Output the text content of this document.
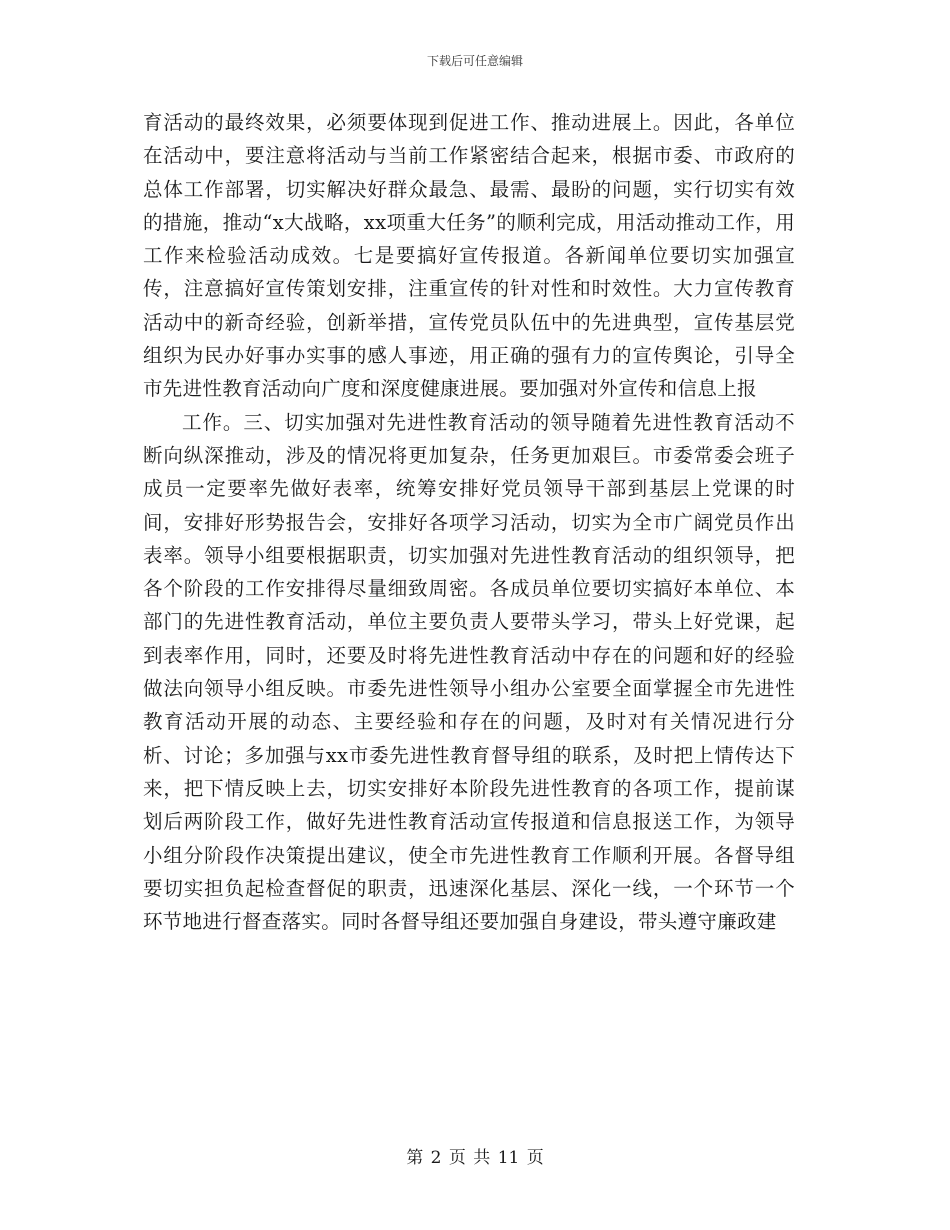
下载后可任意编辑

育活动的最终效果，必须要体现到促进工作、推动进展上。因此，各单位在活动中，要注意将活动与当前工作紧密结合起来，根据市委、市政府的总体工作部署，切实解决好群众最急、最需、最盼的问题，实行切实有效的措施，推动“x大战略，xx项重大任务”的顺利完成，用活动推动工作，用工作来检验活动成效。七是要搞好宣传报道。各新闻单位要切实加强宣传，注意搞好宣传策划安排，注重宣传的针对性和时效性。大力宣传教育活动中的新奇经验，创新举措，宣传党员队伍中的先进典型，宣传基层党组织为民办好事办实事的感人事迹，用正确的强有力的宣传舆论，引导全市先进性教育活动向广度和深度健康进展。要加强对外宣传和信息上报

工作。三、切实加强对先进性教育活动的领导随着先进性教育活动不断向纵深推动，涉及的情况将更加复杂，任务更加艰巨。市委常委会班子成员一定要率先做好表率，统筹安排好党员领导干部到基层上党课的时间，安排好形势报告会，安排好各项学习活动，切实为全市广阔党员作出表率。领导小组要根据职责，切实加强对先进性教育活动的组织领导，把各个阶段的工作安排得尽量细致周密。各成员单位要切实搞好本单位、本部门的先进性教育活动，单位主要负责人要带头学习，带头上好党课，起到表率作用，同时，还要及时将先进性教育活动中存在的问题和好的经验做法向领导小组反映。市委先进性领导小组办公室要全面掌握全市先进性教育活动开展的动态、主要经验和存在的问题，及时对有关情况进行分析、讨论；多加强与xx市委先进性教育督导组的联系，及时把上情传达下来，把下情反映上去，切实安排好本阶段先进性教育的各项工作，提前谋划后两阶段工作，做好先进性教育活动宣传报道和信息报送工作，为领导小组分阶段作决策提出建议，使全市先进性教育工作顺利开展。各督导组要切实担负起检查督促的职责，迅速深化基层、深化一线，一个环节一个环节地进行督查落实。同时各督导组还要加强自身建设，带头遵守廉政建

第 2 页 共 11 页
